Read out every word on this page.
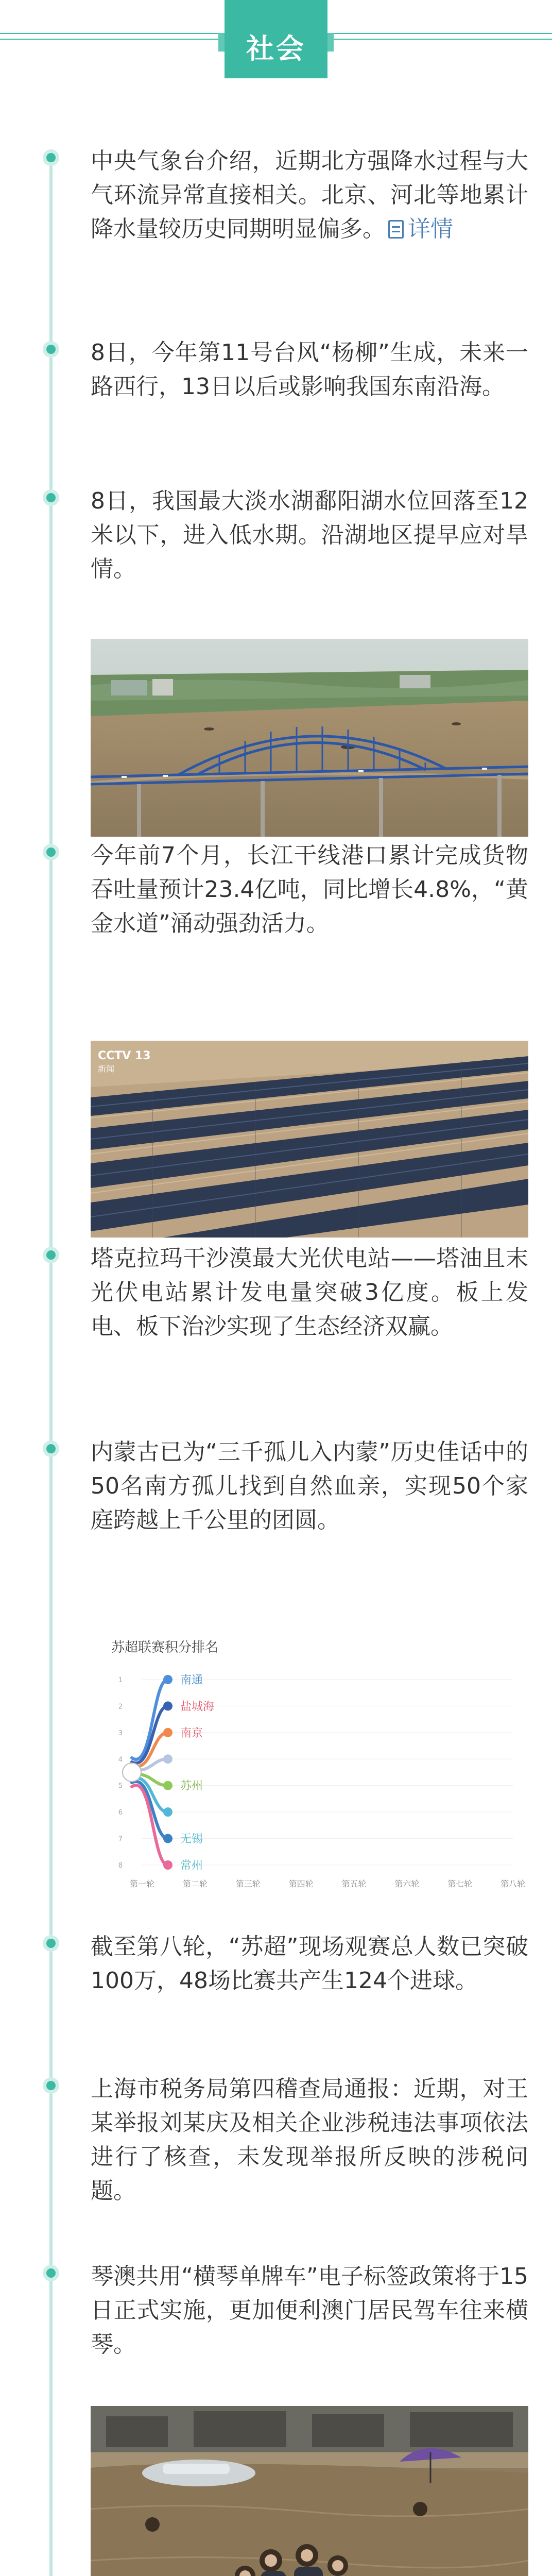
社会
中央气象台介绍，近期北方强降水过程与大气环流异常直接相关。北京、河北等地累计降水量较历史同期明显偏多。 详情
8日，今年第11号台风“杨柳”生成，未来一路西行，13日以后或影响我国东南沿海。
8日，我国最大淡水湖鄱阳湖水位回落至12米以下，进入低水期。沿湖地区提早应对旱情。
今年前7个月，长江干线港口累计完成货物吞吐量预计23.4亿吨，同比增长4.8%，“黄金水道”涌动强劲活力。
CCTV 13
新闻
塔克拉玛干沙漠最大光伏电站——塔油且末光伏电站累计发电量突破3亿度。板上发电、板下治沙实现了生态经济双赢。
内蒙古已为“三千孤儿入内蒙”历史佳话中的50名南方孤儿找到自然血亲，实现50个家庭跨越上千公里的团圆。
苏超联赛积分排名
1
2
3
4
5
6
7
8
第一轮	第二轮	第三轮	第四轮	第五轮	第六轮	第七轮	第八轮
南通
盐城海
南京
苏州
无锡
常州
截至第八轮，“苏超”现场观赛总人数已突破100万，48场比赛共产生124个进球。
上海市税务局第四稽查局通报：近期，对王某举报刘某庆及相关企业涉税违法事项依法进行了核查，未发现举报所反映的涉税问题。
琴澳共用“横琴单牌车”电子标签政策将于15日正式实施，更加便利澳门居民驾车往来横琴。
